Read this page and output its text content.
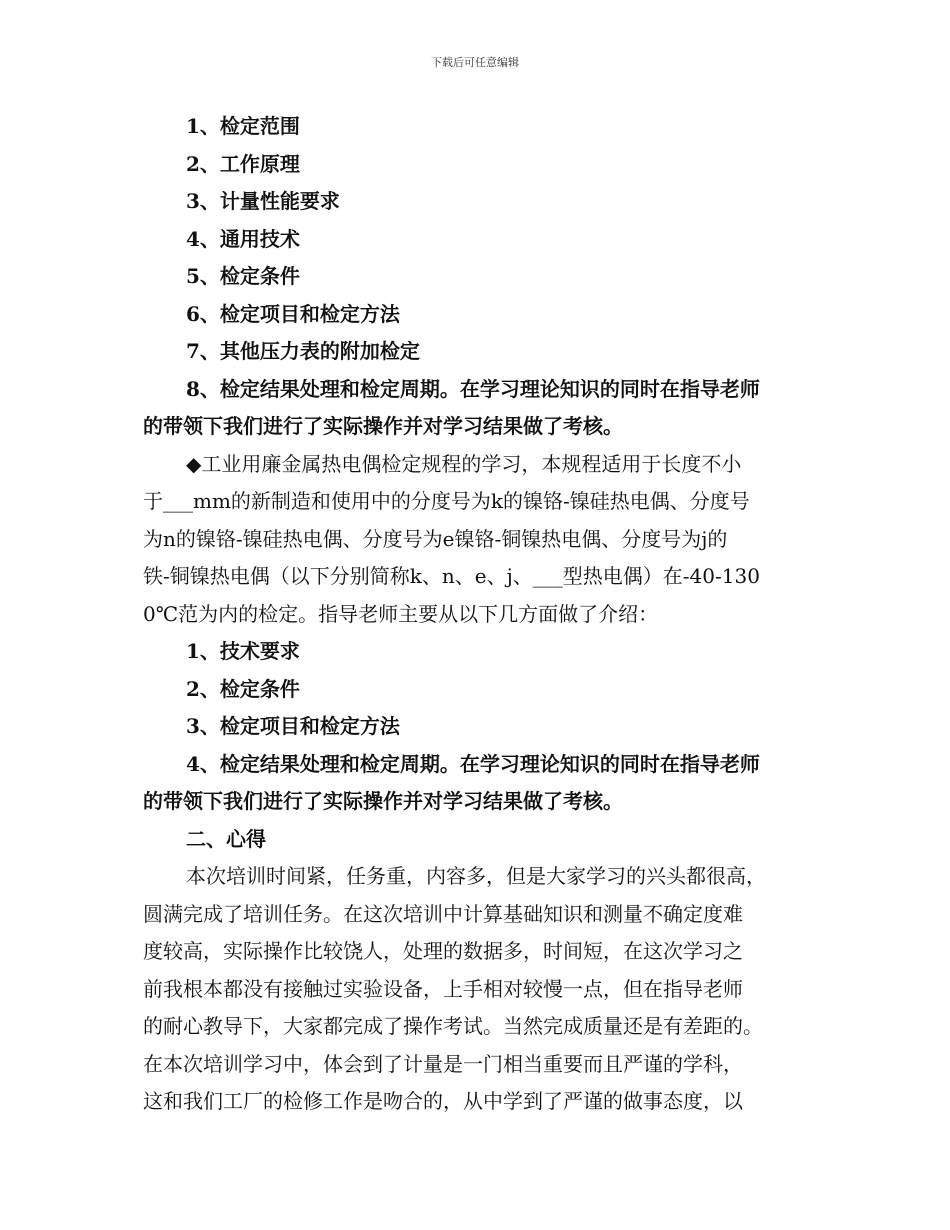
下载后可任意编辑

1、检定范围

2、工作原理

3、计量性能要求

4、通用技术

5、检定条件

6、检定项目和检定方法

7、其他压力表的附加检定

8、检定结果处理和检定周期。在学习理论知识的同时在指导老师

的带领下我们进行了实际操作并对学习结果做了考核。

◆工业用廉金属热电偶检定规程的学习，本规程适用于长度不小

于___mm的新制造和使用中的分度号为k的镍铬-镍硅热电偶、分度号

为n的镍铬-镍硅热电偶、分度号为e镍铬-铜镍热电偶、分度号为j的

铁-铜镍热电偶（以下分别简称k、n、e、j、___型热电偶）在-40-130

0℃范为内的检定。指导老师主要从以下几方面做了介绍：

1、技术要求

2、检定条件

3、检定项目和检定方法

4、检定结果处理和检定周期。在学习理论知识的同时在指导老师

的带领下我们进行了实际操作并对学习结果做了考核。

二、心得

本次培训时间紧，任务重，内容多，但是大家学习的兴头都很高，

圆满完成了培训任务。在这次培训中计算基础知识和测量不确定度难

度较高，实际操作比较饶人，处理的数据多，时间短，在这次学习之

前我根本都没有接触过实验设备，上手相对较慢一点，但在指导老师

的耐心教导下，大家都完成了操作考试。当然完成质量还是有差距的。

在本次培训学习中，体会到了计量是一门相当重要而且严谨的学科，

这和我们工厂的检修工作是吻合的，从中学到了严谨的做事态度，以
